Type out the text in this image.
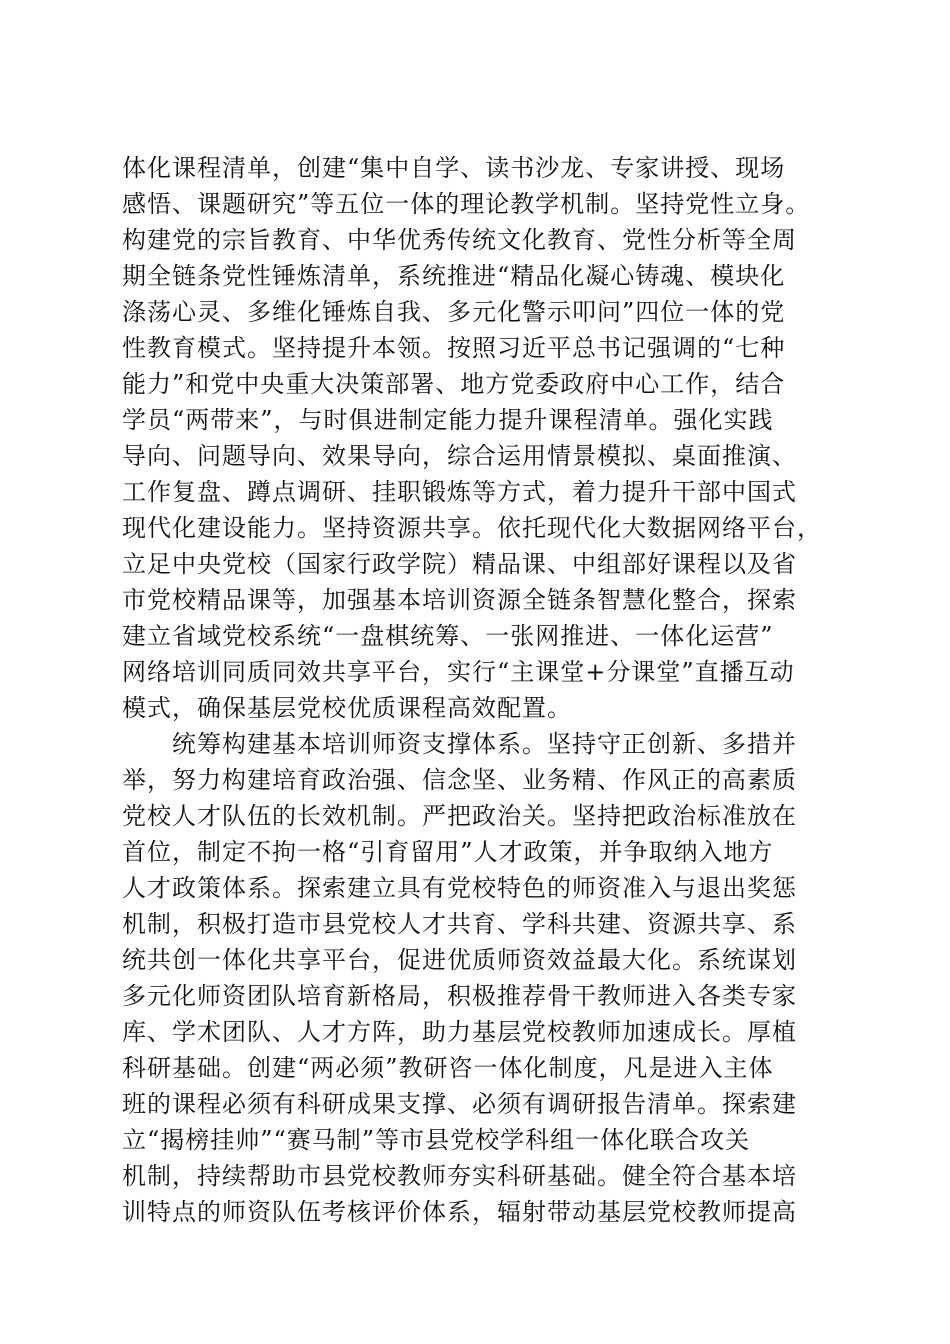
体化课程清单，创建“集中自学、读书沙龙、专家讲授、现场
感悟、课题研究”等五位一体的理论教学机制。坚持党性立身。
构建党的宗旨教育、中华优秀传统文化教育、党性分析等全周
期全链条党性锤炼清单，系统推进“精品化凝心铸魂、模块化
涤荡心灵、多维化锤炼自我、多元化警示叩问”四位一体的党
性教育模式。坚持提升本领。按照习近平总书记强调的“七种
能力”和党中央重大决策部署、地方党委政府中心工作，结合
学员“两带来”，与时俱进制定能力提升课程清单。强化实践
导向、问题导向、效果导向，综合运用情景模拟、桌面推演、
工作复盘、蹲点调研、挂职锻炼等方式，着力提升干部中国式
现代化建设能力。坚持资源共享。依托现代化大数据网络平台，
立足中央党校（国家行政学院）精品课、中组部好课程以及省
市党校精品课等，加强基本培训资源全链条智慧化整合，探索
建立省域党校系统“一盘棋统筹、一张网推进、一体化运营”
网络培训同质同效共享平台，实行“主课堂+分课堂”直播互动
模式，确保基层党校优质课程高效配置。
统筹构建基本培训师资支撑体系。坚持守正创新、多措并
举，努力构建培育政治强、信念坚、业务精、作风正的高素质
党校人才队伍的长效机制。严把政治关。坚持把政治标准放在
首位，制定不拘一格“引育留用”人才政策，并争取纳入地方
人才政策体系。探索建立具有党校特色的师资准入与退出奖惩
机制，积极打造市县党校人才共育、学科共建、资源共享、系
统共创一体化共享平台，促进优质师资效益最大化。系统谋划
多元化师资团队培育新格局，积极推荐骨干教师进入各类专家
库、学术团队、人才方阵，助力基层党校教师加速成长。厚植
科研基础。创建“两必须”教研咨一体化制度，凡是进入主体
班的课程必须有科研成果支撑、必须有调研报告清单。探索建
立“揭榜挂帅”“赛马制”等市县党校学科组一体化联合攻关
机制，持续帮助市县党校教师夯实科研基础。健全符合基本培
训特点的师资队伍考核评价体系，辐射带动基层党校教师提高
